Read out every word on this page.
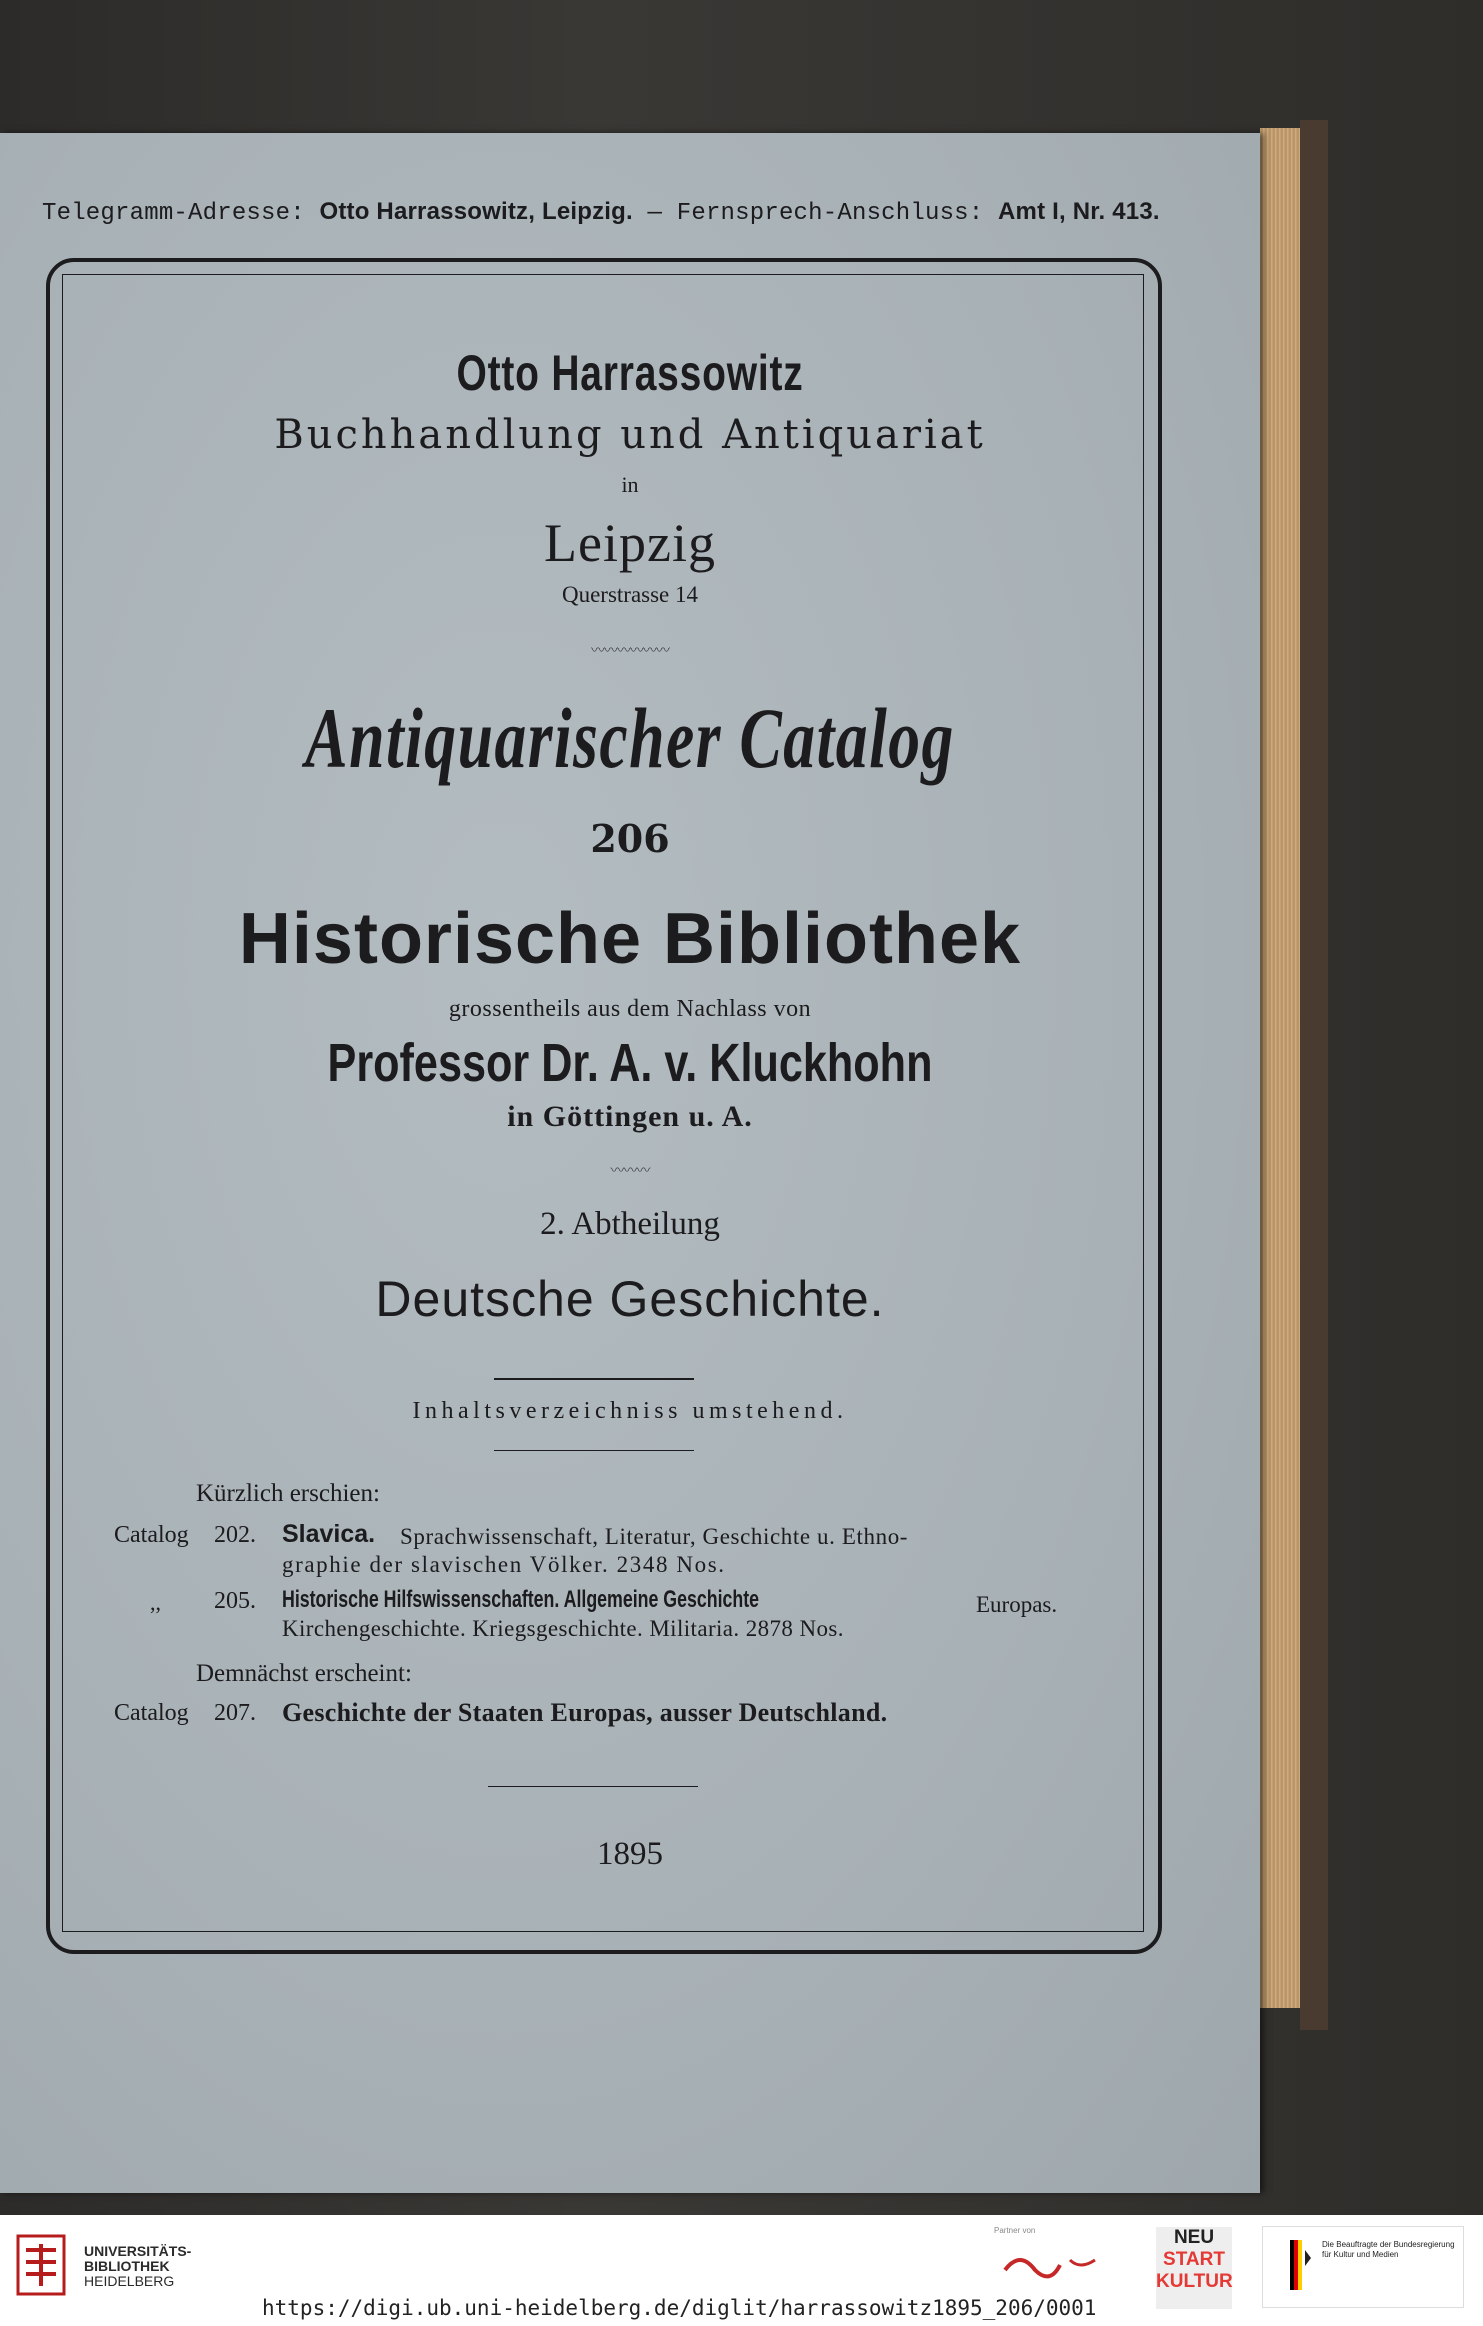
Telegramm-Adresse: Otto Harrassowitz, Leipzig. — Fernsprech-Anschluss: Amt I, Nr. 413.
Otto Harrassowitz
Buchhandlung und Antiquariat
in
Leipzig
Querstrasse 14
〰〰〰〰〰〰
Antiquarischer Catalog
206
Historische Bibliothek
grossentheils aus dem Nachlass von
Professor Dr. A. v. Kluckhohn
in Göttingen u. A.
〰〰〰
2. Abtheilung
Deutsche Geschichte.
Inhaltsverzeichniss umstehend.
Kürzlich erschien:
Catalog 202. Slavica. Sprachwissenschaft, Literatur, Geschichte u. Ethno-
graphie der slavischen Völker. 2348 Nos.
,, 205. Historische Hilfswissenschaften. Allgemeine Geschichte	Europas.
Kirchengeschichte. Kriegsgeschichte. Militaria. 2878 Nos.
Demnächst erscheint:
Catalog 207. Geschichte der Staaten Europas, ausser Deutschland.
1895
UNIVERSITÄTS-
BIBLIOTHEK
HEIDELBERG
https://digi.ub.uni-heidelberg.de/diglit/harrassowitz1895_206/0001
Partner von	NEU
START
KULTUR
Die Beauftragte der Bundesregierung für Kultur und Medien
